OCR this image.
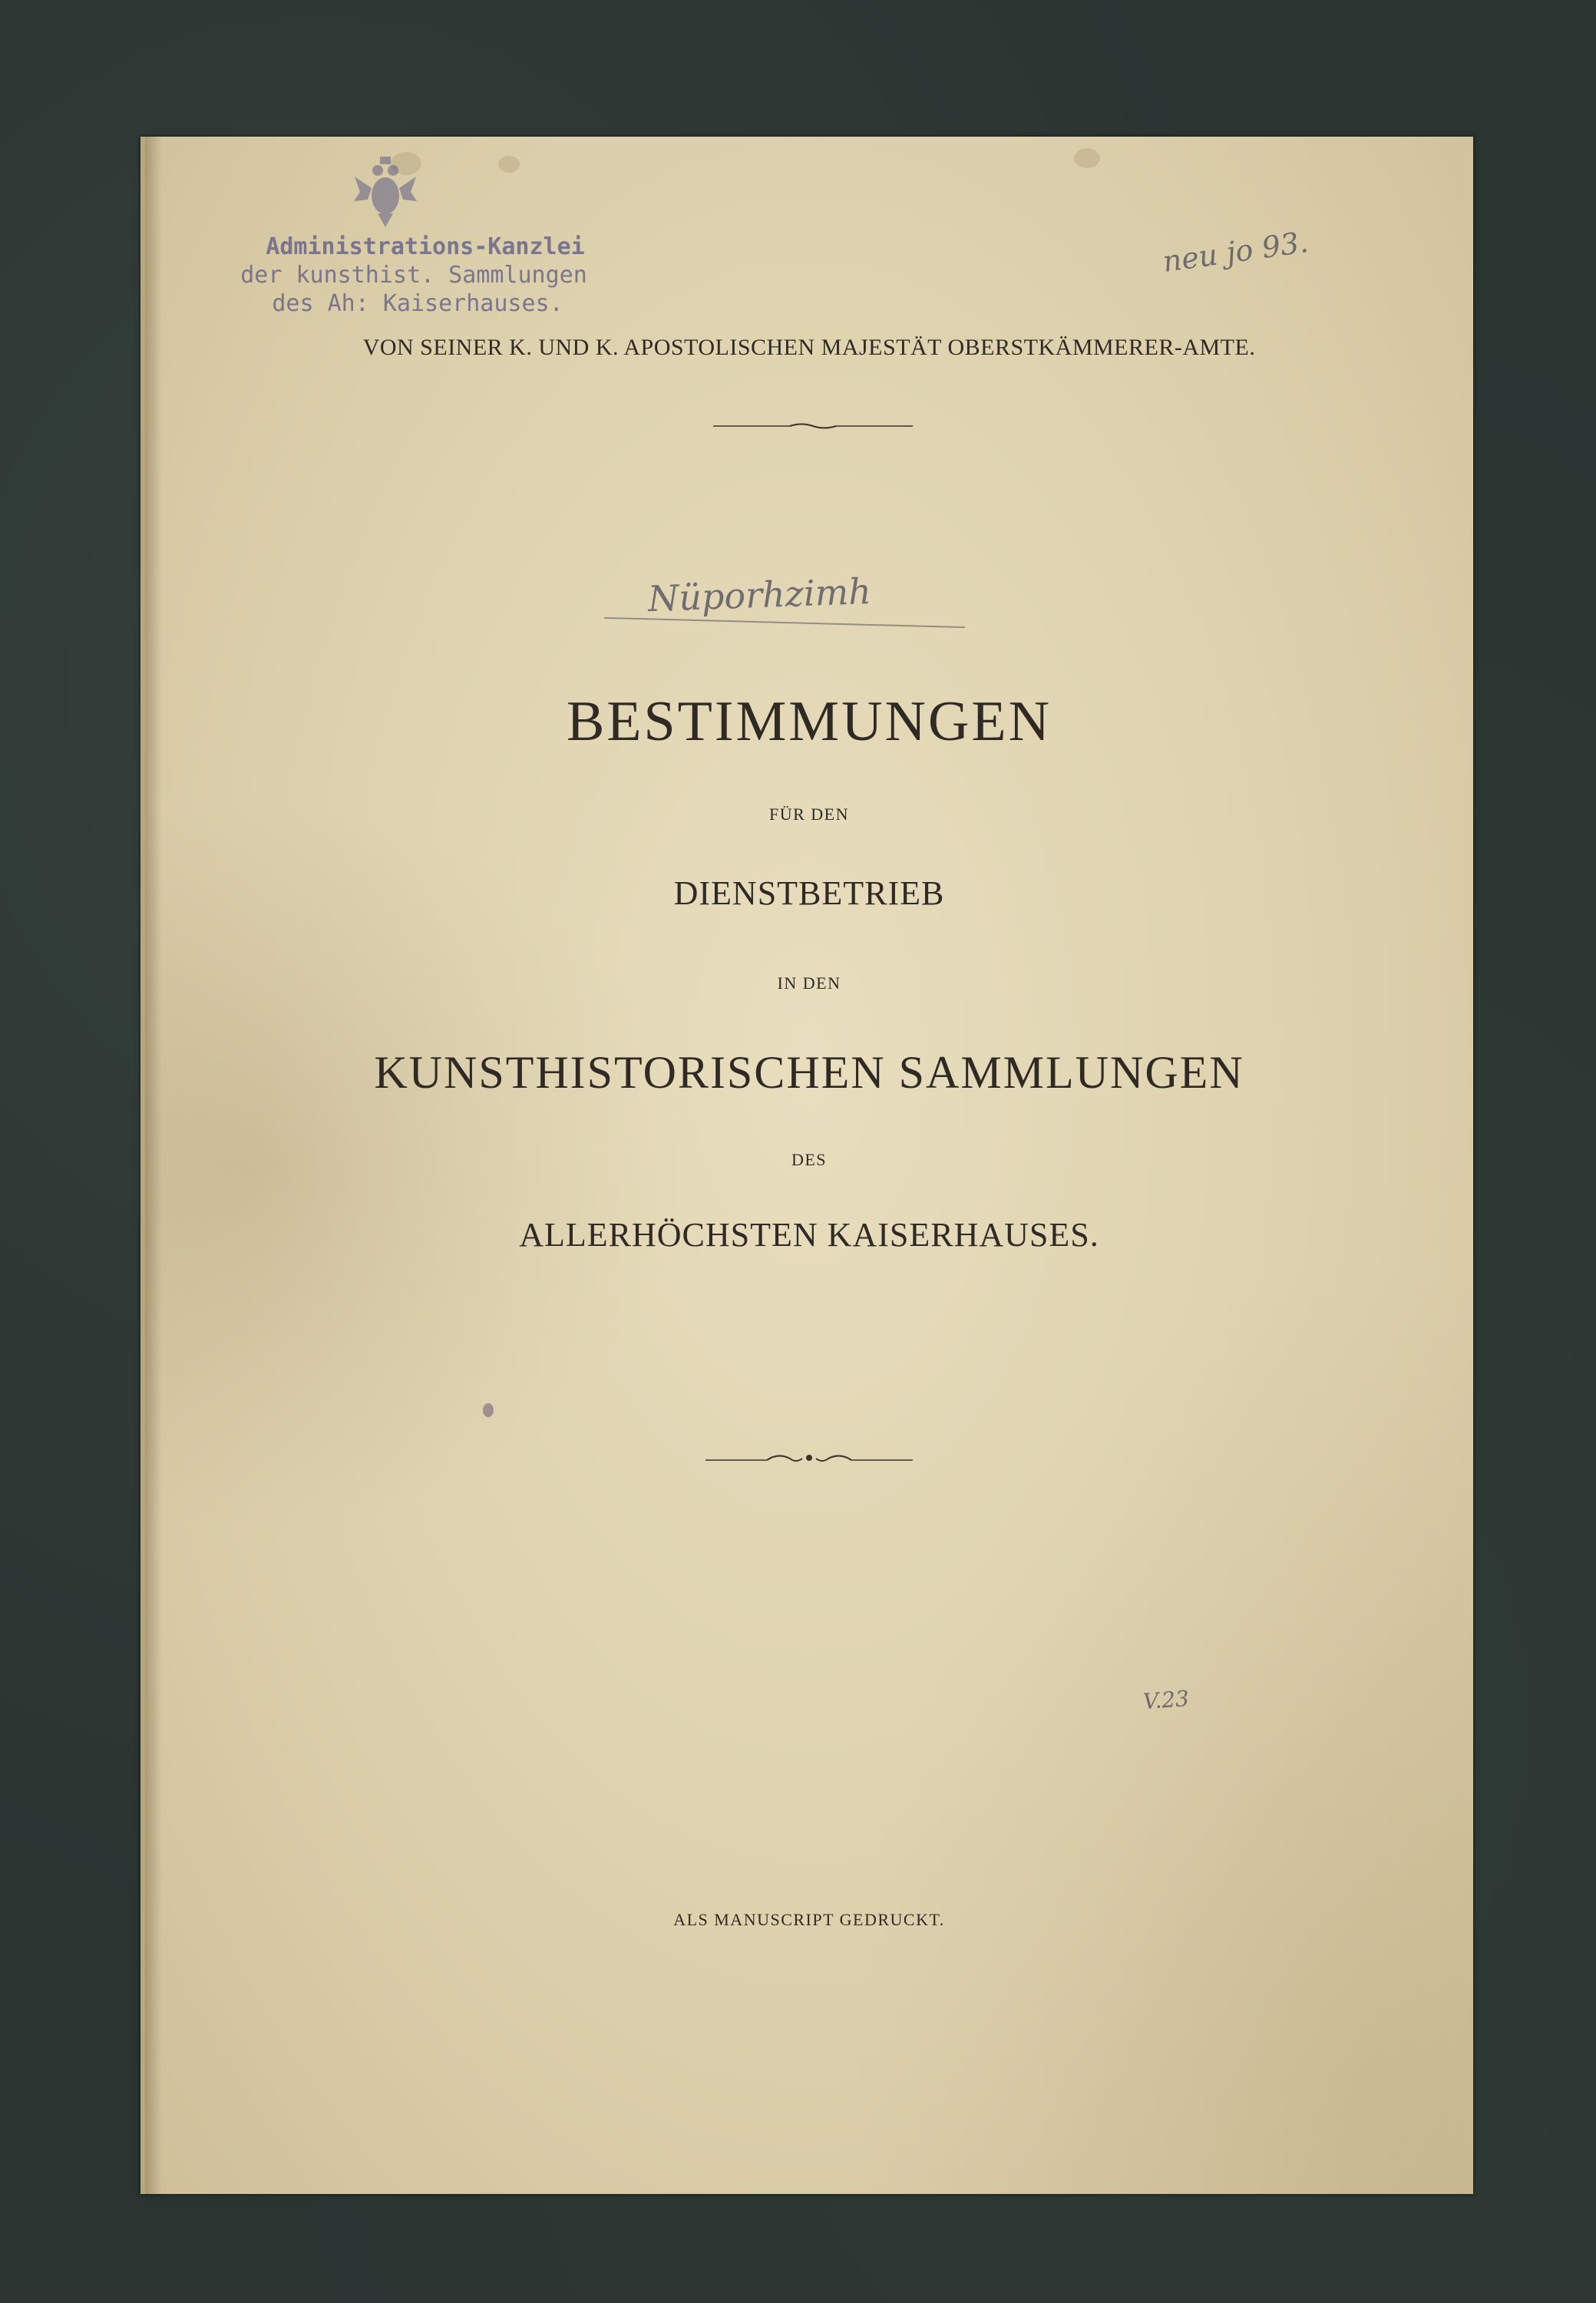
Administrations-Kanzlei
der kunsthist. Sammlungen
des Ah: Kaiserhauses.
neu jo 93.
Nüporhzimh
V.23
VON SEINER K. UND K. APOSTOLISCHEN MAJESTÄT OBERSTKÄMMERER-AMTE.
BESTIMMUNGEN
FÜR DEN
DIENSTBETRIEB
IN DEN
KUNSTHISTORISCHEN SAMMLUNGEN
DES
ALLERHÖCHSTEN KAISERHAUSES.
ALS MANUSCRIPT GEDRUCKT.
